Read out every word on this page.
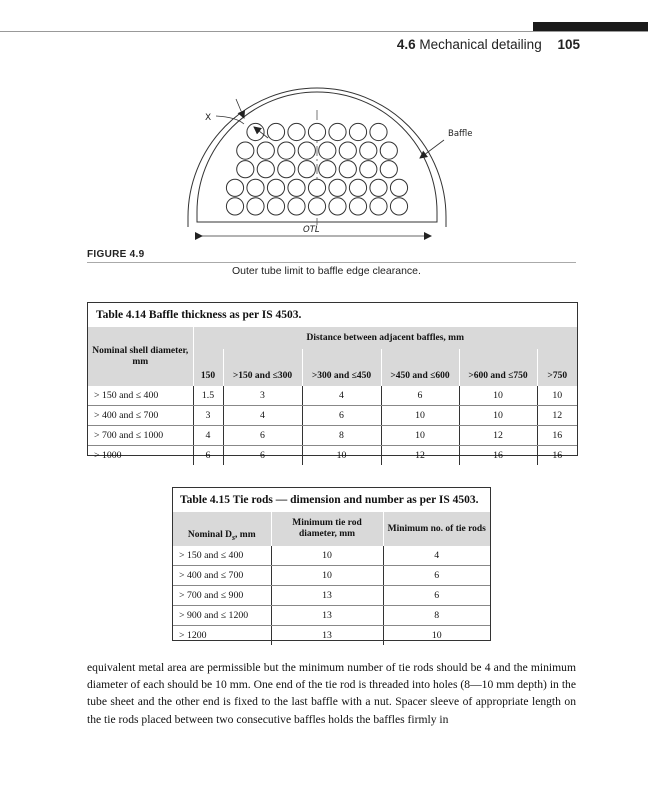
4.6 Mechanical detailing 105
OTL
X
Baffle
FIGURE 4.9
Outer tube limit to baffle edge clearance.
Table 4.14 Baffle thickness as per IS 4503.
Nominal shell diameter, mm	Distance between adjacent baffles, mm					
	150	>150 and ≤300	>300 and ≤450	>450 and ≤600	>600 and ≤750	>750
> 150 and ≤ 400	1.5	3	4	6	10	10
> 400 and ≤ 700	3	4	6	10	10	12
> 700 and ≤ 1000	4	6	8	10	12	16
> 1000	6	6	10	12	16	16
Table 4.15 Tie rods — dimension and number as per IS 4503.
Nominal $D_s$, mm	Minimum tie rod diameter, mm	Minimum no. of tie rods
> 150 and ≤ 400	10	4
> 400 and ≤ 700	10	6
> 700 and ≤ 900	13	6
> 900 and ≤ 1200	13	8
> 1200	13	10
equivalent metal area are permissible but the minimum number of tie rods should be 4 and the minimum diameter of each should be 10 mm. One end of the tie rod is threaded into holes (8—10 mm depth) in the tube sheet and the other end is fixed to the last baffle with a nut. Spacer sleeve of appropriate length on the tie rods placed between two consecutive baffles holds the baffles firmly in
